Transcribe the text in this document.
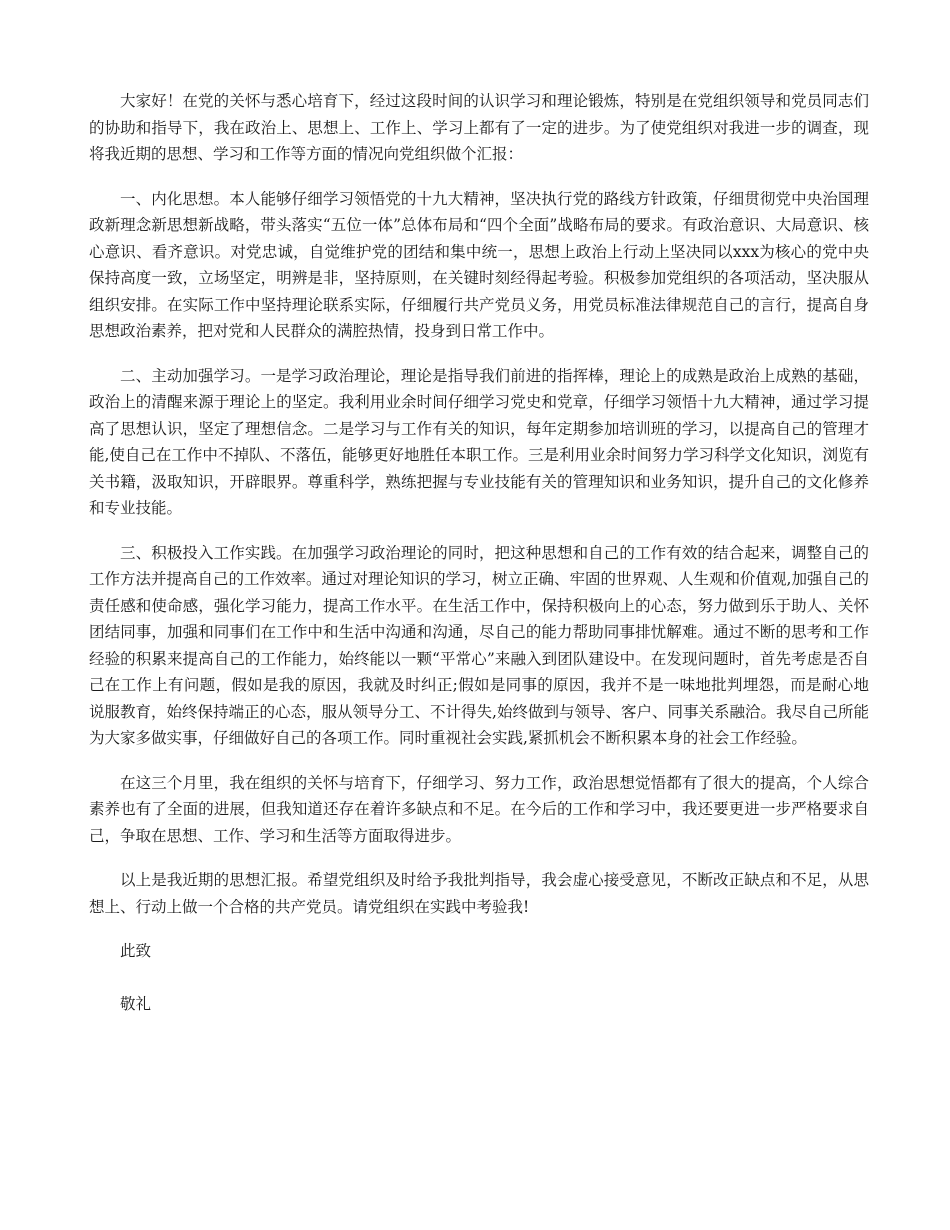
大家好！在党的关怀与悉心培育下，经过这段时间的认识学习和理论锻炼，特别是在党组织领导和党员同志们的协助和指导下，我在政治上、思想上、工作上、学习上都有了一定的进步。为了使党组织对我进一步的调查，现将我近期的思想、学习和工作等方面的情况向党组织做个汇报：

一、内化思想。本人能够仔细学习领悟党的十九大精神，坚决执行党的路线方针政策，仔细贯彻党中央治国理政新理念新思想新战略，带头落实“五位一体”总体布局和“四个全面”战略布局的要求。有政治意识、大局意识、核心意识、看齐意识。对党忠诚，自觉维护党的团结和集中统一，思想上政治上行动上坚决同以xxx为核心的党中央保持高度一致，立场坚定，明辨是非，坚持原则，在关键时刻经得起考验。积极参加党组织的各项活动，坚决服从组织安排。在实际工作中坚持理论联系实际，仔细履行共产党员义务，用党员标准法律规范自己的言行，提高自身思想政治素养，把对党和人民群众的满腔热情，投身到日常工作中。

二、主动加强学习。一是学习政治理论，理论是指导我们前进的指挥棒，理论上的成熟是政治上成熟的基础，政治上的清醒来源于理论上的坚定。我利用业余时间仔细学习党史和党章，仔细学习领悟十九大精神，通过学习提高了思想认识，坚定了理想信念。二是学习与工作有关的知识，每年定期参加培训班的学习，以提高自己的管理才能,使自己在工作中不掉队、不落伍，能够更好地胜任本职工作。三是利用业余时间努力学习科学文化知识，浏览有关书籍，汲取知识，开辟眼界。尊重科学，熟练把握与专业技能有关的管理知识和业务知识，提升自己的文化修养和专业技能。

三、积极投入工作实践。在加强学习政治理论的同时，把这种思想和自己的工作有效的结合起来，调整自己的工作方法并提高自己的工作效率。通过对理论知识的学习，树立正确、牢固的世界观、人生观和价值观,加强自己的责任感和使命感，强化学习能力，提高工作水平。在生活工作中，保持积极向上的心态，努力做到乐于助人、关怀团结同事，加强和同事们在工作中和生活中沟通和沟通，尽自己的能力帮助同事排忧解难。通过不断的思考和工作经验的积累来提高自己的工作能力，始终能以一颗“平常心”来融入到团队建设中。在发现问题时，首先考虑是否自己在工作上有问题，假如是我的原因，我就及时纠正;假如是同事的原因，我并不是一味地批判埋怨，而是耐心地说服教育，始终保持端正的心态，服从领导分工、不计得失,始终做到与领导、客户、同事关系融洽。我尽自己所能为大家多做实事，仔细做好自己的各项工作。同时重视社会实践,紧抓机会不断积累本身的社会工作经验。

在这三个月里，我在组织的关怀与培育下，仔细学习、努力工作，政治思想觉悟都有了很大的提高，个人综合素养也有了全面的进展，但我知道还存在着许多缺点和不足。在今后的工作和学习中，我还要更进一步严格要求自己，争取在思想、工作、学习和生活等方面取得进步。

以上是我近期的思想汇报。希望党组织及时给予我批判指导，我会虚心接受意见，不断改正缺点和不足，从思想上、行动上做一个合格的共产党员。请党组织在实践中考验我!

此致

敬礼
